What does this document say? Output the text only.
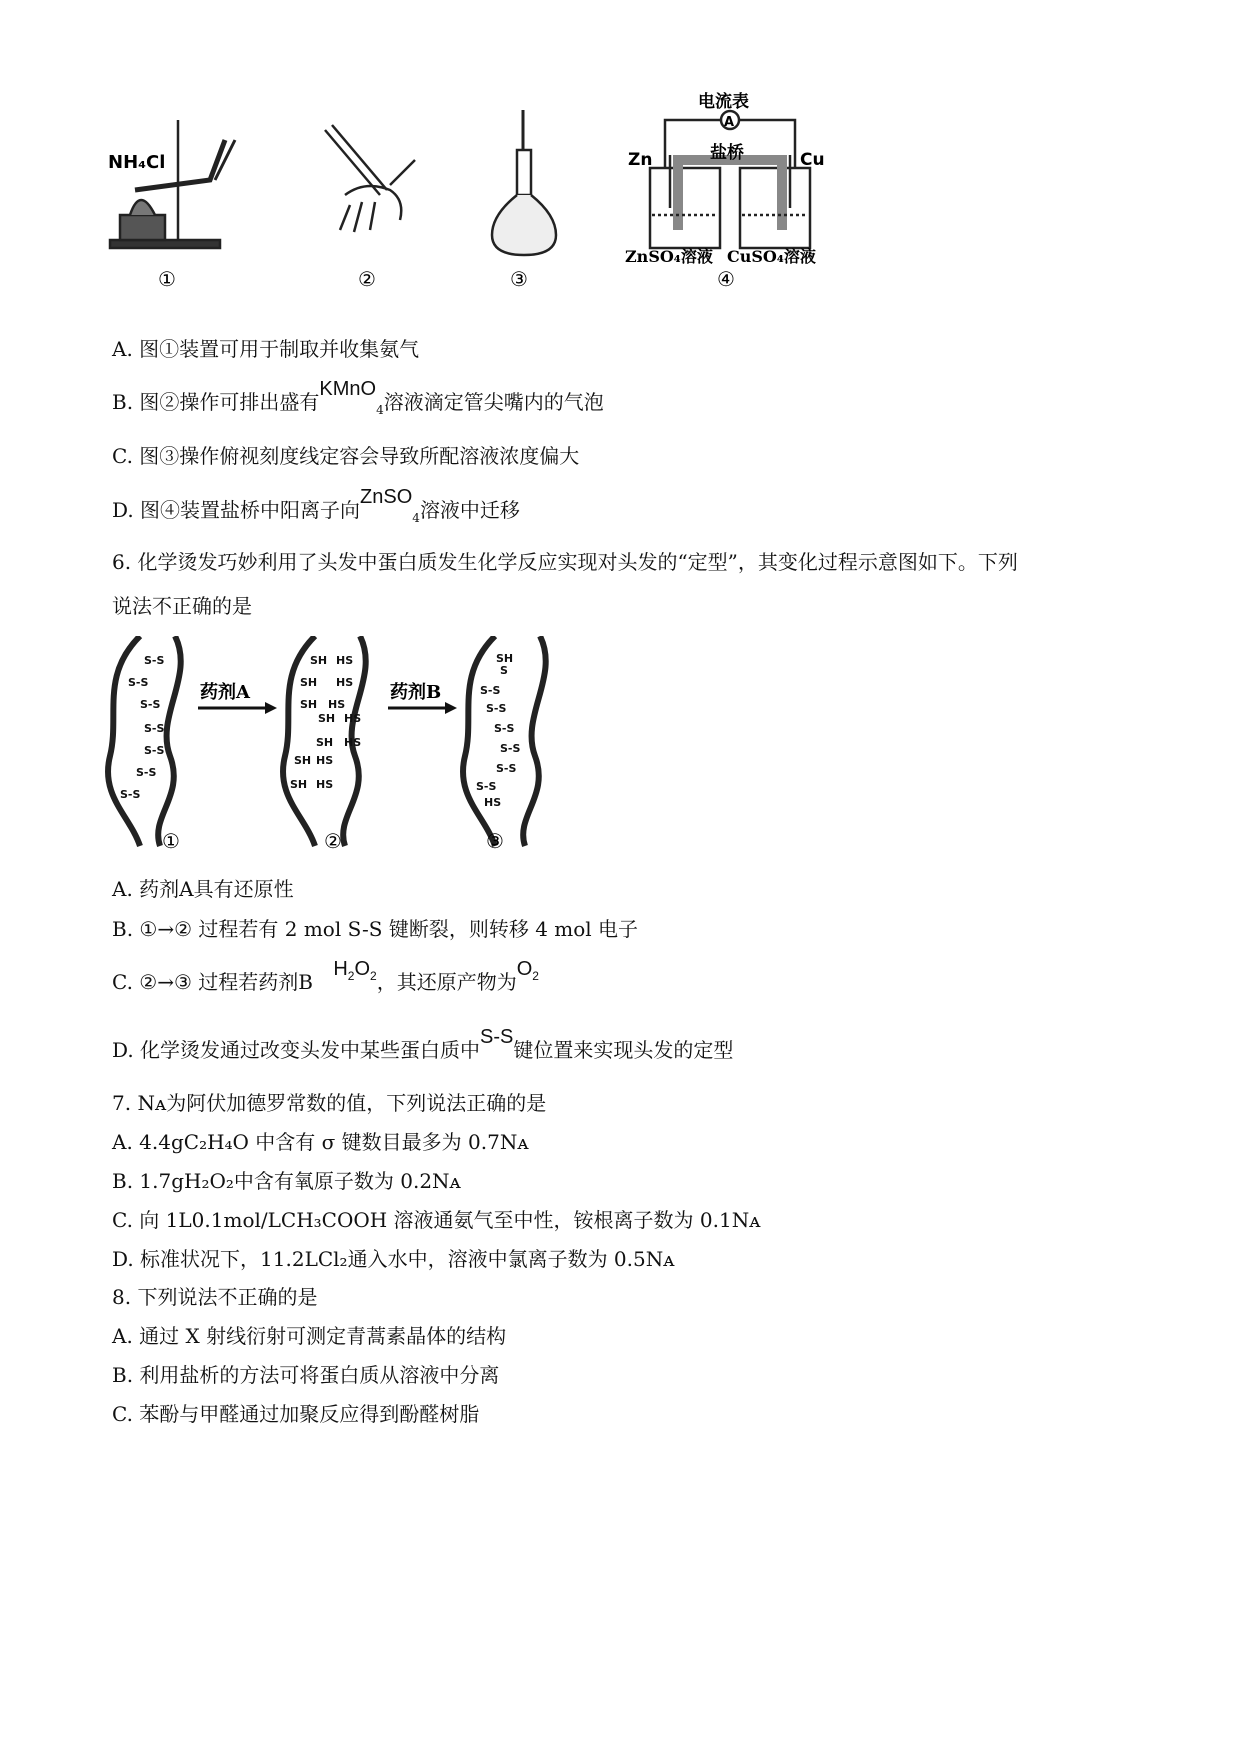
NH₄Cl
①	②	③
A
电流表
盐桥
Zn	Cu
ZnSO₄溶液 CuSO₄溶液
④
A. 图①装置可用于制取并收集氨气
B. 图②操作可排出盛有KMnO$_4$溶液滴定管尖嘴内的气泡
C. 图③操作俯视刻度线定容会导致所配溶液浓度偏大
D. 图④装置盐桥中阳离子向ZnSO$_4$溶液中迁移
6. 化学烫发巧妙利用了头发中蛋白质发生化学反应实现对头发的“定型”，其变化过程示意图如下。下列
说法不正确的是
S-S
S-S
S-S
S-S
S-S
S-S
S-S
药剂A
SH HS
SH HS
SH HS
SH HS
SH HS
SH HS
SH HS
药剂B
SH
S
S-S
S-S
S-S
S-S
S-S
S-S
HS
①	②	③
A. 药剂A具有还原性
B. ①→② 过程若有 2 mol S-S 键断裂，则转移 4 mol 电子
C. ②→③ 过程若药剂B $H_2O_2$，其还原产物为$O_2$
D. 化学烫发通过改变头发中某些蛋白质中S-S键位置来实现头发的定型
7. Nᴀ为阿伏加德罗常数的值，下列说法正确的是
A. 4.4gC₂H₄O 中含有 σ 键数目最多为 0.7Nᴀ
B. 1.7gH₂O₂中含有氧原子数为 0.2Nᴀ
C. 向 1L0.1mol/LCH₃COOH 溶液通氨气至中性，铵根离子数为 0.1Nᴀ
D. 标准状况下，11.2LCl₂通入水中，溶液中氯离子数为 0.5Nᴀ
8. 下列说法不正确的是
A. 通过 X 射线衍射可测定青蒿素晶体的结构
B. 利用盐析的方法可将蛋白质从溶液中分离
C. 苯酚与甲醛通过加聚反应得到酚醛树脂
